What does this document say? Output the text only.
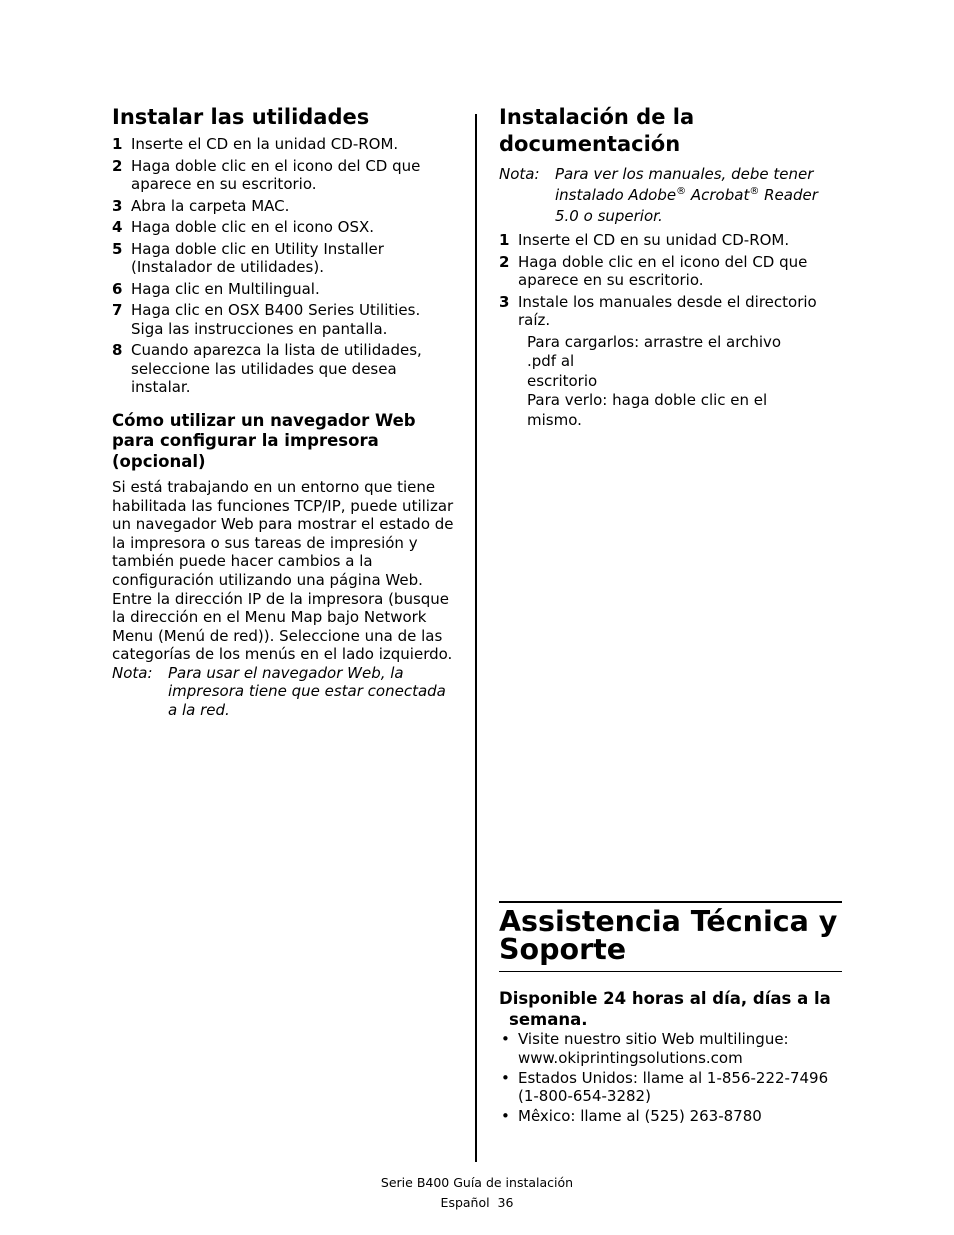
Instalar las utilidades
1 Inserte el CD en la unidad CD-ROM.
2 Haga doble clic en el icono del CD que aparece en su escritorio.
3 Abra la carpeta MAC.
4 Haga doble clic en el icono OSX.
5 Haga doble clic en Utility Installer (Instalador de utilidades).
6 Haga clic en Multilingual.
7 Haga clic en OSX B400 Series Utilities. Siga las instrucciones en pantalla.
8 Cuando aparezca la lista de utilidades, seleccione las utilidades que desea instalar.
Cómo utilizar un navegador Web para configurar la impresora (opcional)

Si está trabajando en un entorno que tiene habilitada las funciones TCP/IP, puede utilizar un navegador Web para mostrar el estado de la impresora o sus tareas de impresión y también puede hacer cambios a la configuración utilizando una página Web. Entre la dirección IP de la impresora (busque la dirección en el Menu Map bajo Network Menu (Menú de red)). Seleccione una de las categorías de los menús en el lado izquierdo.

Nota:	Para usar el navegador Web, la impresora tiene que estar conectada a la red.
Instalación de la
documentación
Nota:	Para ver los manuales, debe tener
instalado Adobe® Acrobat® Reader
5.0 o superior.
1 Inserte el CD en su unidad CD-ROM.
2 Haga doble clic en el icono del CD que aparece en su escritorio.
3 Instale los manuales desde el directorio raíz.
Para cargarlos: arrastre el archivo
.pdf al
escritorio
Para verlo: haga doble clic en el
mismo.
Assistencia Técnica y
Soporte
Disponible 24 horas al día, días a la semana.
• Visite nuestro sitio Web multilingue: www.okiprintingsolutions.com
• Estados Unidos: llame al 1-856-222-7496 (1-800-654-3282)
• Mêxico: llame al (525) 263-8780
Serie B400 Guía de instalación
Español  36
